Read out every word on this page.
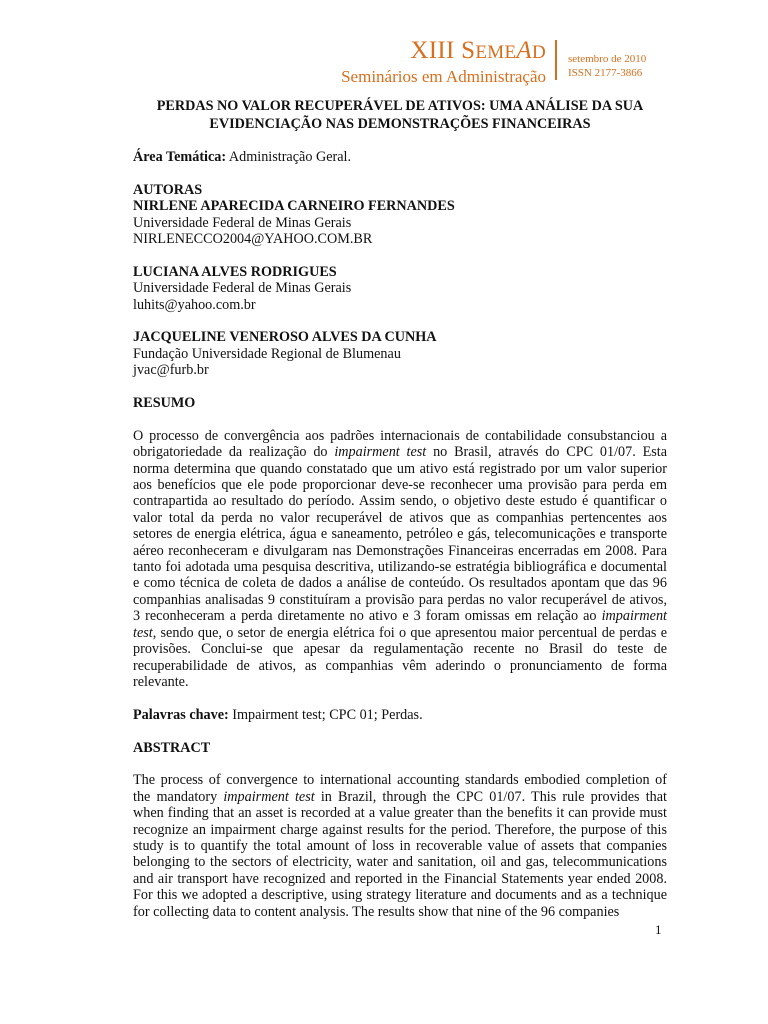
XIII SEMEAD
Seminários em Administração
setembro de 2010
ISSN 2177-3866
PERDAS NO VALOR RECUPERÁVEL DE ATIVOS: UMA ANÁLISE DA SUA
EVIDENCIAÇÃO NAS DEMONSTRAÇÕES FINANCEIRAS

Área Temática: Administração Geral.

AUTORAS

NIRLENE APARECIDA CARNEIRO FERNANDES

Universidade Federal de Minas Gerais

NIRLENECCO2004@YAHOO.COM.BR

LUCIANA ALVES RODRIGUES

Universidade Federal de Minas Gerais

luhits@yahoo.com.br

JACQUELINE VENEROSO ALVES DA CUNHA

Fundação Universidade Regional de Blumenau

jvac@furb.br

RESUMO

O processo de convergência aos padrões internacionais de contabilidade consubstanciou a obrigatoriedade da realização do impairment test no Brasil, através do CPC 01/07. Esta norma determina que quando constatado que um ativo está registrado por um valor superior aos benefícios que ele pode proporcionar deve-se reconhecer uma provisão para perda em contrapartida ao resultado do período. Assim sendo, o objetivo deste estudo é quantificar o valor total da perda no valor recuperável de ativos que as companhias pertencentes aos setores de energia elétrica, água e saneamento, petróleo e gás, telecomunicações e transporte aéreo reconheceram e divulgaram nas Demonstrações Financeiras encerradas em 2008. Para tanto foi adotada uma pesquisa descritiva, utilizando-se estratégia bibliográfica e documental e como técnica de coleta de dados a análise de conteúdo. Os resultados apontam que das 96 companhias analisadas 9 constituíram a provisão para perdas no valor recuperável de ativos, 3 reconheceram a perda diretamente no ativo e 3 foram omissas em relação ao impairment test, sendo que, o setor de energia elétrica foi o que apresentou maior percentual de perdas e provisões. Conclui-se que apesar da regulamentação recente no Brasil do teste de recuperabilidade de ativos, as companhias vêm aderindo o pronunciamento de forma relevante.

Palavras chave: Impairment test; CPC 01; Perdas.

ABSTRACT

The process of convergence to international accounting standards embodied completion of the mandatory impairment test in Brazil, through the CPC 01/07. This rule provides that when finding that an asset is recorded at a value greater than the benefits it can provide must recognize an impairment charge against results for the period. Therefore, the purpose of this study is to quantify the total amount of loss in recoverable value of assets that companies belonging to the sectors of electricity, water and sanitation, oil and gas, telecommunications and air transport have recognized and reported in the Financial Statements year ended 2008. For this we adopted a descriptive, using strategy literature and documents and as a technique for collecting data to content analysis. The results show that nine of the 96 companies

1
